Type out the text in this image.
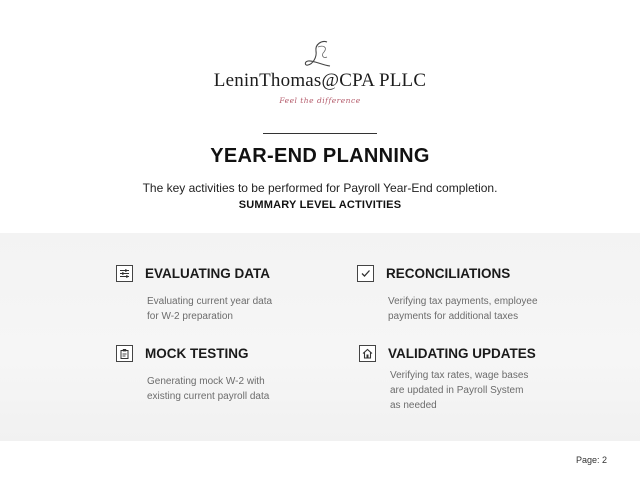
LeninThomas@CPA PLLC
Feel the difference
YEAR-END PLANNING
The key activities to be performed for Payroll Year-End completion.
SUMMARY LEVEL ACTIVITIES
EVALUATING DATA
Evaluating current year data
for W-2 preparation
RECONCILIATIONS
Verifying tax payments, employee
payments for additional taxes
MOCK TESTING
Generating mock W-2 with
existing current payroll data
VALIDATING UPDATES
Verifying tax rates, wage bases
are updated in Payroll System
as needed
Page: 2
